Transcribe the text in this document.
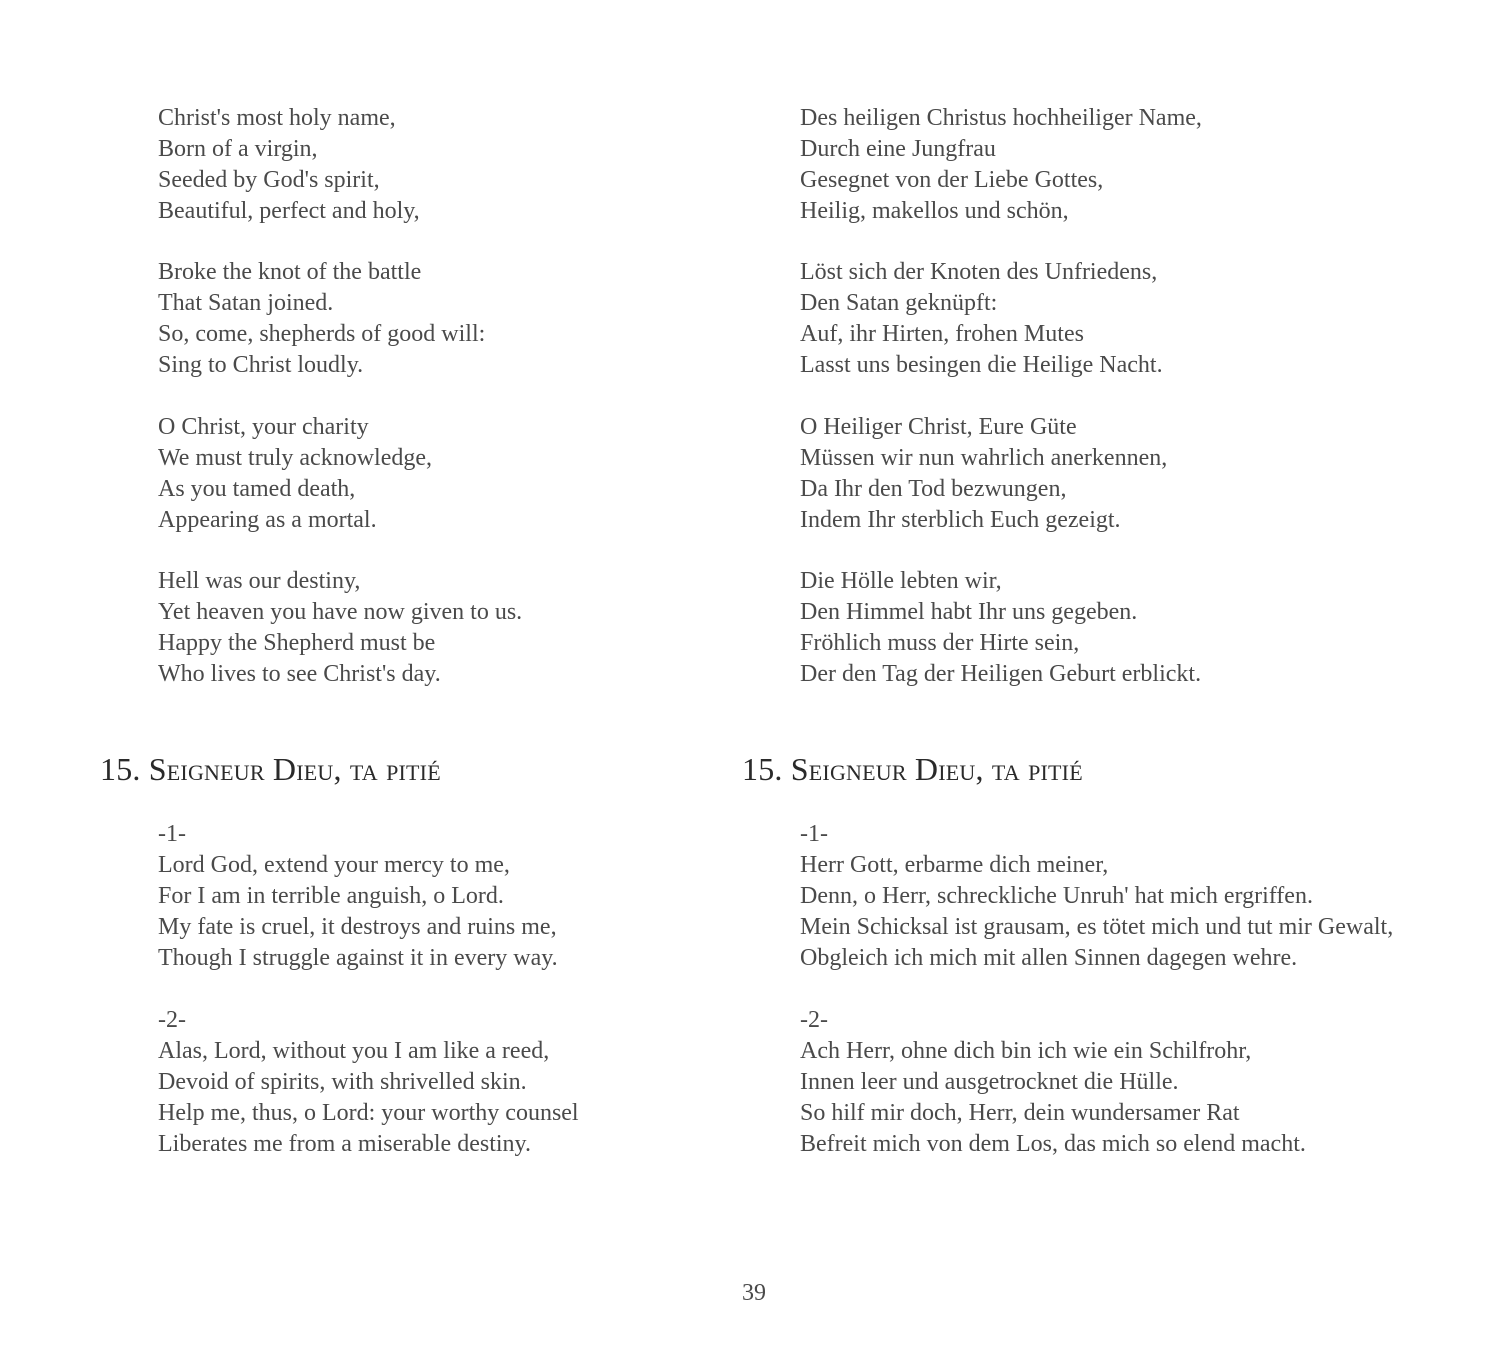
Christ's most holy name,
Born of a virgin,
Seeded by God's spirit,
Beautiful, perfect and holy,
Broke the knot of the battle
That Satan joined.
So, come, shepherds of good will:
Sing to Christ loudly.
O Christ, your charity
We must truly acknowledge,
As you tamed death,
Appearing as a mortal.
Hell was our destiny,
Yet heaven you have now given to us.
Happy the Shepherd must be
Who lives to see Christ's day.
15. Seigneur Dieu, ta pitié
-1-
Lord God, extend your mercy to me,
For I am in terrible anguish, o Lord.
My fate is cruel, it destroys and ruins me,
Though I struggle against it in every way.
-2-
Alas, Lord, without you I am like a reed,
Devoid of spirits, with shrivelled skin.
Help me, thus, o Lord: your worthy counsel
Liberates me from a miserable destiny.
Des heiligen Christus hochheiliger Name,
Durch eine Jungfrau
Gesegnet von der Liebe Gottes,
Heilig, makellos und schön,
Löst sich der Knoten des Unfriedens,
Den Satan geknüpft:
Auf, ihr Hirten, frohen Mutes
Lasst uns besingen die Heilige Nacht.
O Heiliger Christ, Eure Güte
Müssen wir nun wahrlich anerkennen,
Da Ihr den Tod bezwungen,
Indem Ihr sterblich Euch gezeigt.
Die Hölle lebten wir,
Den Himmel habt Ihr uns gegeben.
Fröhlich muss der Hirte sein,
Der den Tag der Heiligen Geburt erblickt.
15. Seigneur Dieu, ta pitié
-1-
Herr Gott, erbarme dich meiner,
Denn, o Herr, schreckliche Unruh' hat mich ergriffen.
Mein Schicksal ist grausam, es tötet mich und tut mir Gewalt,
Obgleich ich mich mit allen Sinnen dagegen wehre.
-2-
Ach Herr, ohne dich bin ich wie ein Schilfrohr,
Innen leer und ausgetrocknet die Hülle.
So hilf mir doch, Herr, dein wundersamer Rat
Befreit mich von dem Los, das mich so elend macht.
39
